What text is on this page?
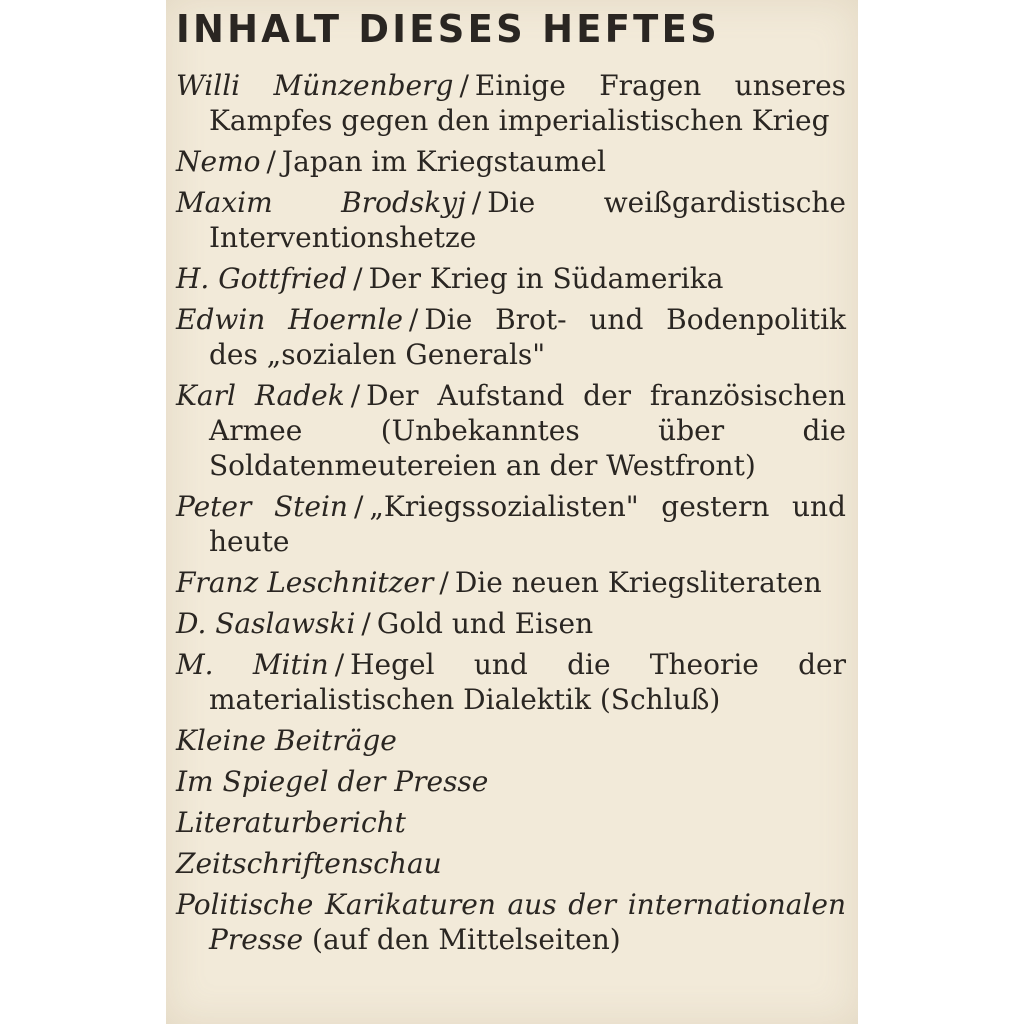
INHALT DIESES HEFTES
Willi Münzenberg / Einige Fragen unseres Kampfes gegen den imperialistischen Krieg
Nemo / Japan im Kriegstaumel
Maxim Brodskyj / Die weißgardistische Interventionshetze
H. Gottfried / Der Krieg in Südamerika
Edwin Hoernle / Die Brot- und Bodenpolitik des „sozialen Generals"
Karl Radek / Der Aufstand der französischen Armee (Unbekanntes über die Soldatenmeutereien an der Westfront)
Peter Stein / „Kriegssozialisten" gestern und heute
Franz Leschnitzer / Die neuen Kriegsliteraten
D. Saslawski / Gold und Eisen
M. Mitin / Hegel und die Theorie der materialistischen Dialektik (Schluß)
Kleine Beiträge
Im Spiegel der Presse
Literaturbericht
Zeitschriftenschau
Politische Karikaturen aus der internationalen Presse (auf den Mittelseiten)
